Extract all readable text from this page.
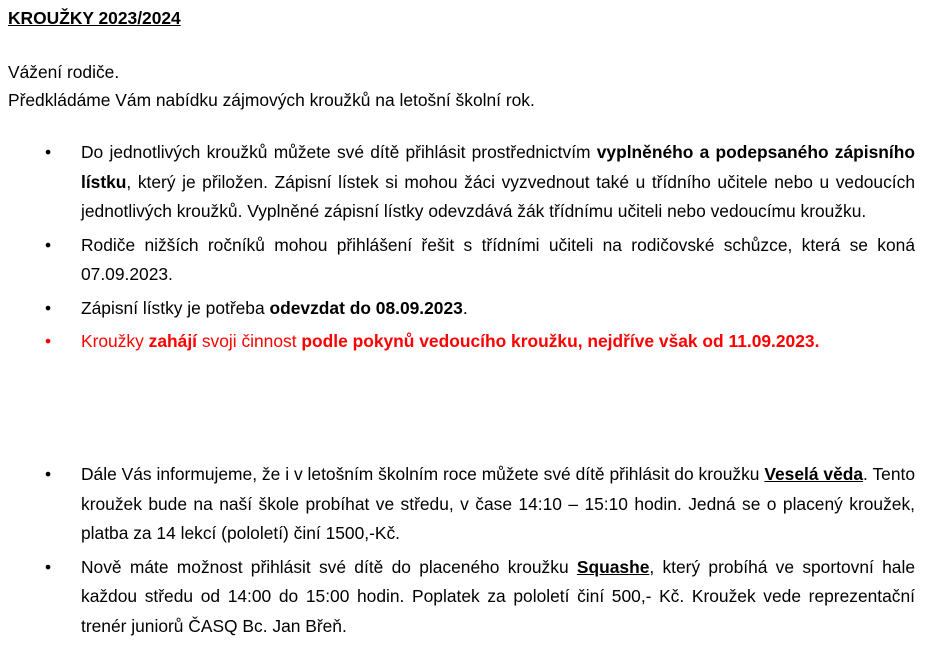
KROUŽKY 2023/2024
Vážení rodiče.
Předkládáme Vám nabídku zájmových kroužků na letošní školní rok.
• Do jednotlivých kroužků můžete své dítě přihlásit prostřednictvím vyplněného a podepsaného zápisního lístku, který je přiložen. Zápisní lístek si mohou žáci vyzvednout také u třídního učitele nebo u vedoucích jednotlivých kroužků. Vyplněné zápisní lístky odevzdává žák třídnímu učiteli nebo vedoucímu kroužku.
• Rodiče nižších ročníků mohou přihlášení řešit s třídními učiteli na rodičovské schůzce, která se koná 07.09.2023.
• Zápisní lístky je potřeba odevzdat do 08.09.2023.
• Kroužky zahájí svoji činnost podle pokynů vedoucího kroužku, nejdříve však od 11.09.2023.
• Dále Vás informujeme, že i v letošním školním roce můžete své dítě přihlásit do kroužku Veselá věda. Tento kroužek bude na naší škole probíhat ve středu, v čase 14:10 – 15:10 hodin. Jedná se o placený kroužek, platba za 14 lekcí (pololetí) činí 1500,-Kč.
• Nově máte možnost přihlásit své dítě do placeného kroužku Squashe, který probíhá ve sportovní hale každou středu od 14:00 do 15:00 hodin. Poplatek za pololetí činí 500,- Kč. Kroužek vede reprezentační trenér juniorů ČASQ Bc. Jan Břeň.
